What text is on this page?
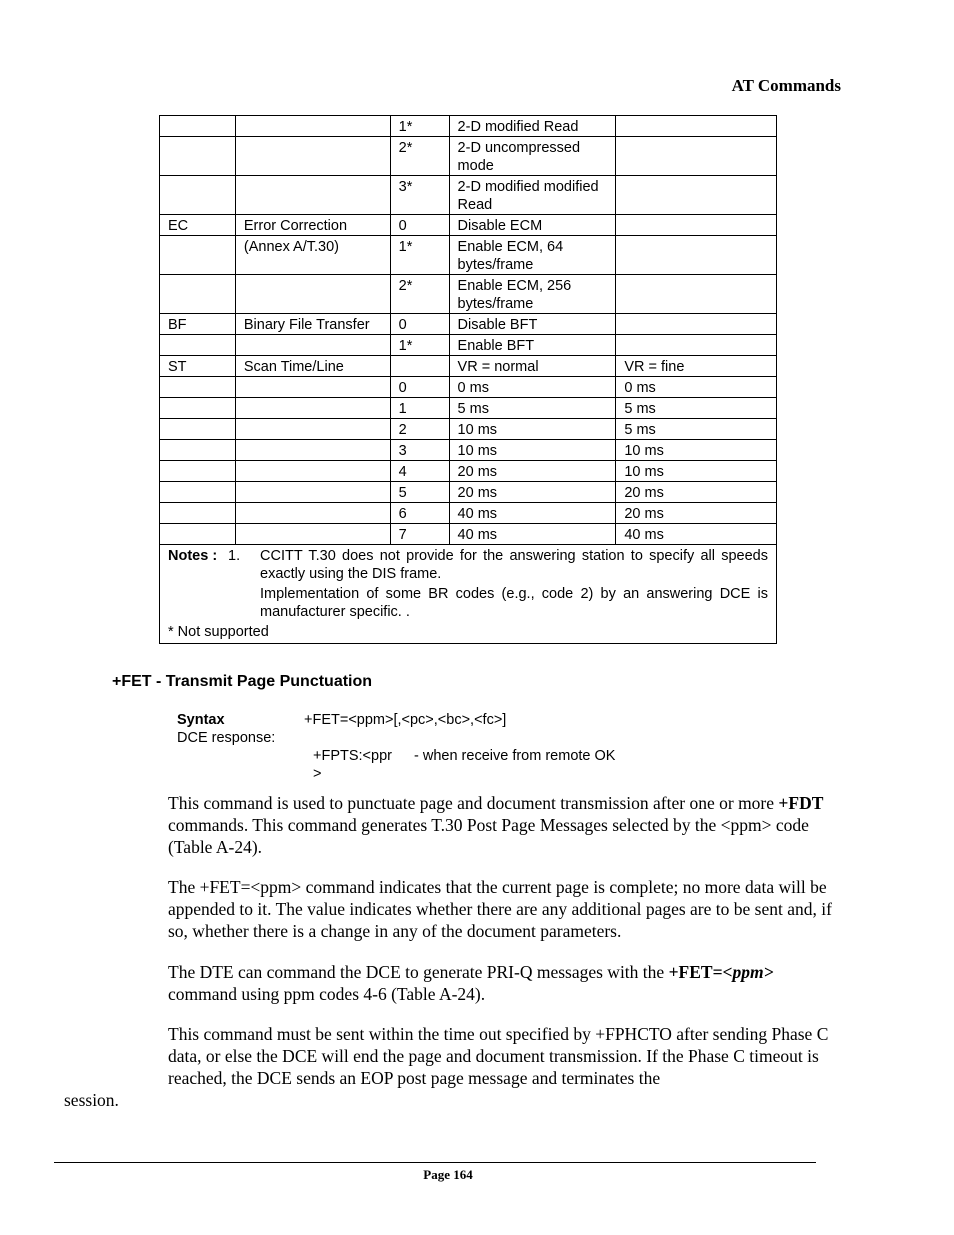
AT Commands
		1*	2-D modified Read	
		2*	2-D uncompressed mode	
		3*	2-D modified modified Read	
EC	Error Correction	0	Disable ECM	
	(Annex A/T.30)	1*	Enable ECM, 64 bytes/frame	
		2*	Enable ECM, 256 bytes/frame	
BF	Binary File Transfer	0	Disable BFT	
		1*	Enable BFT	
ST	Scan Time/Line		VR = normal	VR = fine
		0	0 ms	0 ms
		1	5 ms	5 ms
		2	10 ms	5 ms
		3	10 ms	10 ms
		4	20 ms	10 ms
		5	20 ms	20 ms
		6	40 ms	20 ms
		7	40 ms	40 ms

Notes : 1. CCITT T.30 does not provide for the answering station to specify all speeds exactly using the DIS frame.

Implementation of some BR codes (e.g., code 2) by an answering DCE is manufacturer specific. .

* Not supported				
+FET - Transmit Page Punctuation
Syntax	+FET=<ppm>[,<pc>,<bc>,<fc>]
DCE response:
+FPTS:<ppr>
- when receive from remote OK

This command is used to punctuate page and document transmission after one or more +FDT commands. This command generates T.30 Post Page Messages selected by the <ppm> code (Table A-24).

The +FET=<ppm> command indicates that the current page is complete; no more data will be appended to it. The value indicates whether there are any additional pages are to be sent and, if so, whether there is a change in any of the document parameters.

The DTE can command the DCE to generate PRI-Q messages with the +FET=<ppm> command using ppm codes 4-6 (Table A-24).

This command must be sent within the time out specified by +FPHCTO after sending Phase C data, or else the DCE will end the page and document transmission. If the Phase C timeout is reached, the DCE sends an EOP post page message and terminates the

session.
Page 164
